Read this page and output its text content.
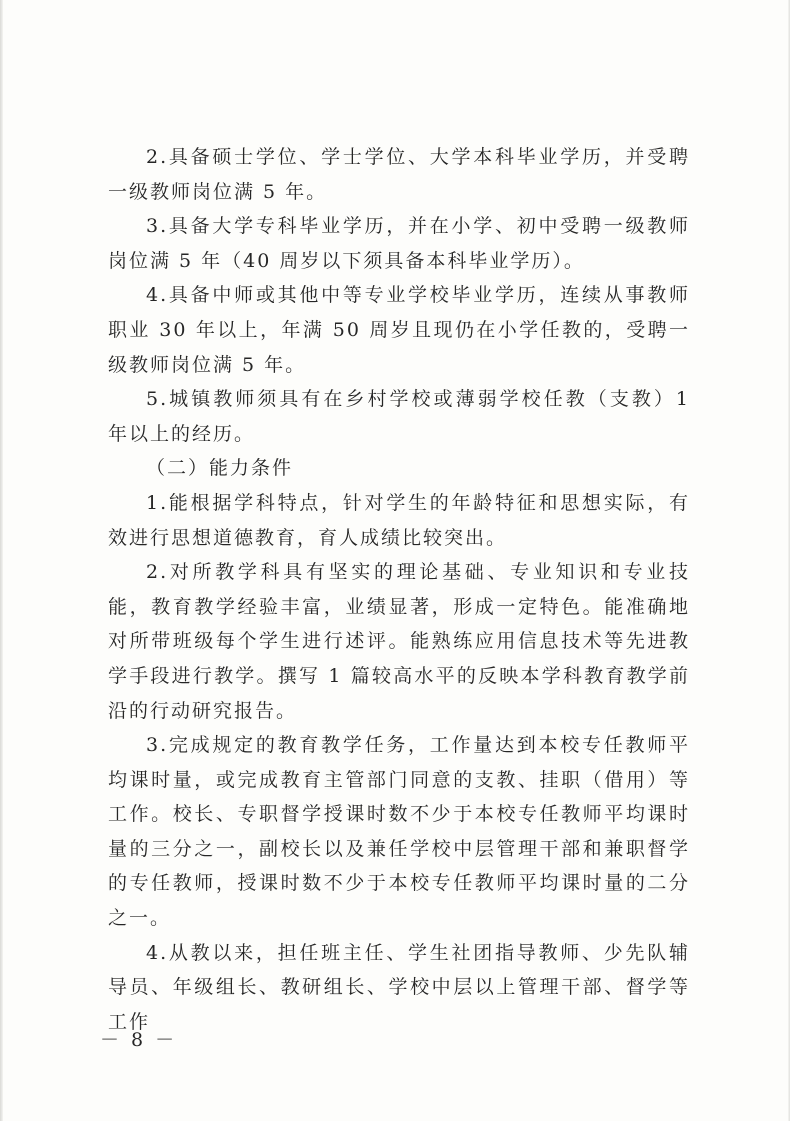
2.具备硕士学位、学士学位、大学本科毕业学历，并受聘一级教师岗位满 5 年。

3.具备大学专科毕业学历，并在小学、初中受聘一级教师岗位满 5 年（40 周岁以下须具备本科毕业学历）。

4.具备中师或其他中等专业学校毕业学历，连续从事教师职业 30 年以上，年满 50 周岁且现仍在小学任教的，受聘一级教师岗位满 5 年。

5.城镇教师须具有在乡村学校或薄弱学校任教（支教）1 年以上的经历。

（二）能力条件

1.能根据学科特点，针对学生的年龄特征和思想实际，有效进行思想道德教育，育人成绩比较突出。

2.对所教学科具有坚实的理论基础、专业知识和专业技能，教育教学经验丰富，业绩显著，形成一定特色。能准确地对所带班级每个学生进行述评。能熟练应用信息技术等先进教学手段进行教学。撰写 1 篇较高水平的反映本学科教育教学前沿的行动研究报告。

3.完成规定的教育教学任务，工作量达到本校专任教师平均课时量，或完成教育主管部门同意的支教、挂职（借用）等工作。校长、专职督学授课时数不少于本校专任教师平均课时量的三分之一，副校长以及兼任学校中层管理干部和兼职督学的专任教师，授课时数不少于本校专任教师平均课时量的二分之一。

4.从教以来，担任班主任、学生社团指导教师、少先队辅导员、年级组长、教研组长、学校中层以上管理干部、督学等工作

－ 8 －
